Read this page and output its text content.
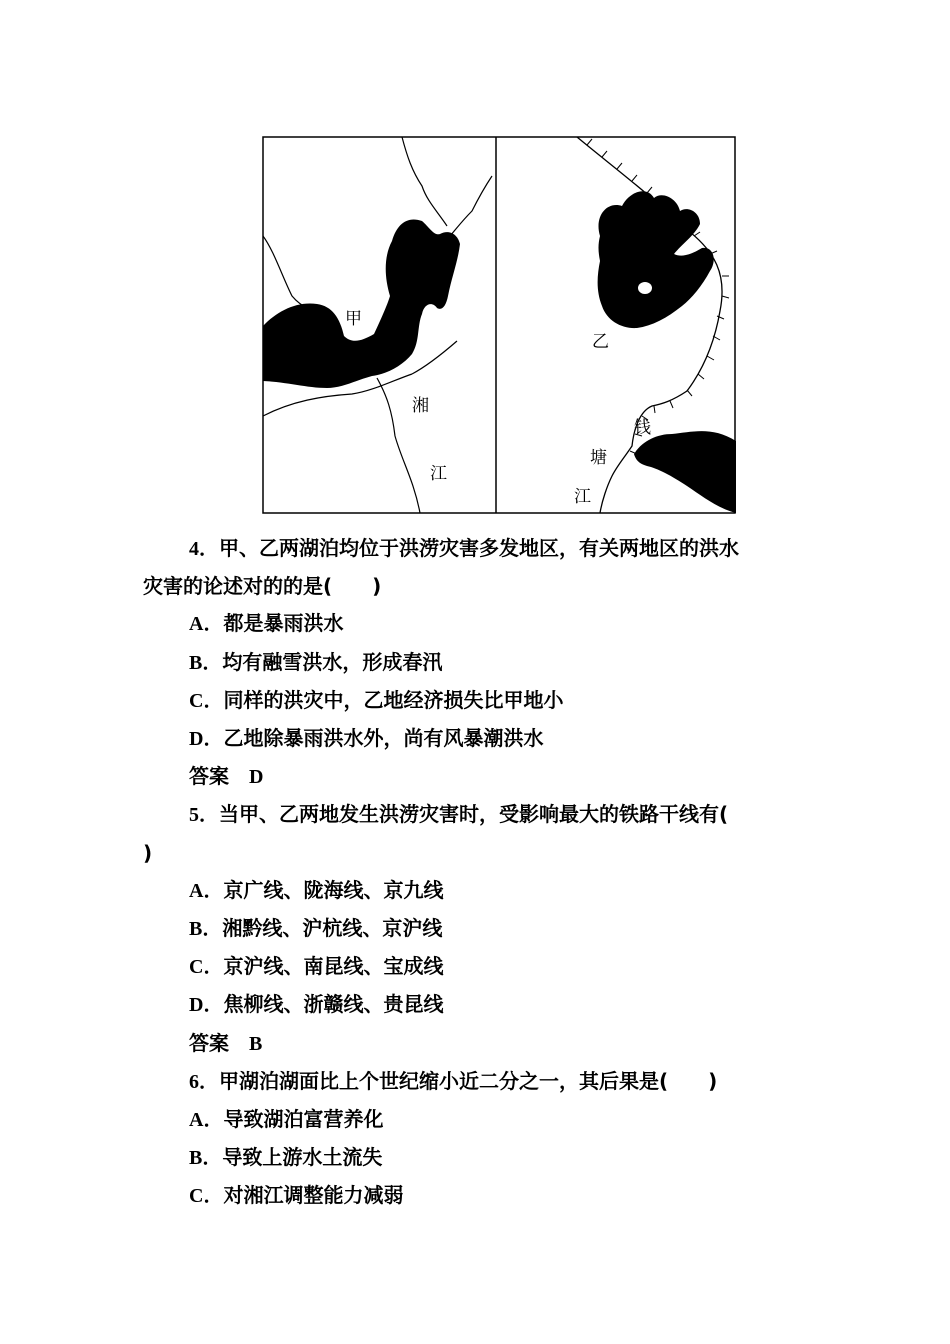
甲
湘
江
乙
钱
塘
江
4．甲、乙两湖泊均位于洪涝灾害多发地区，有关两地区的洪水
灾害的论述对的的是(　　)
A．都是暴雨洪水
B．均有融雪洪水，形成春汛
C．同样的洪灾中，乙地经济损失比甲地小
D．乙地除暴雨洪水外，尚有风暴潮洪水
答案 D
5．当甲、乙两地发生洪涝灾害时，受影响最大的铁路干线有(
)
A．京广线、陇海线、京九线
B．湘黔线、沪杭线、京沪线
C．京沪线、南昆线、宝成线
D．焦柳线、浙赣线、贵昆线
答案 B
6．甲湖泊湖面比上个世纪缩小近二分之一，其后果是(　　)
A．导致湖泊富营养化
B．导致上游水土流失
C．对湘江调整能力减弱
